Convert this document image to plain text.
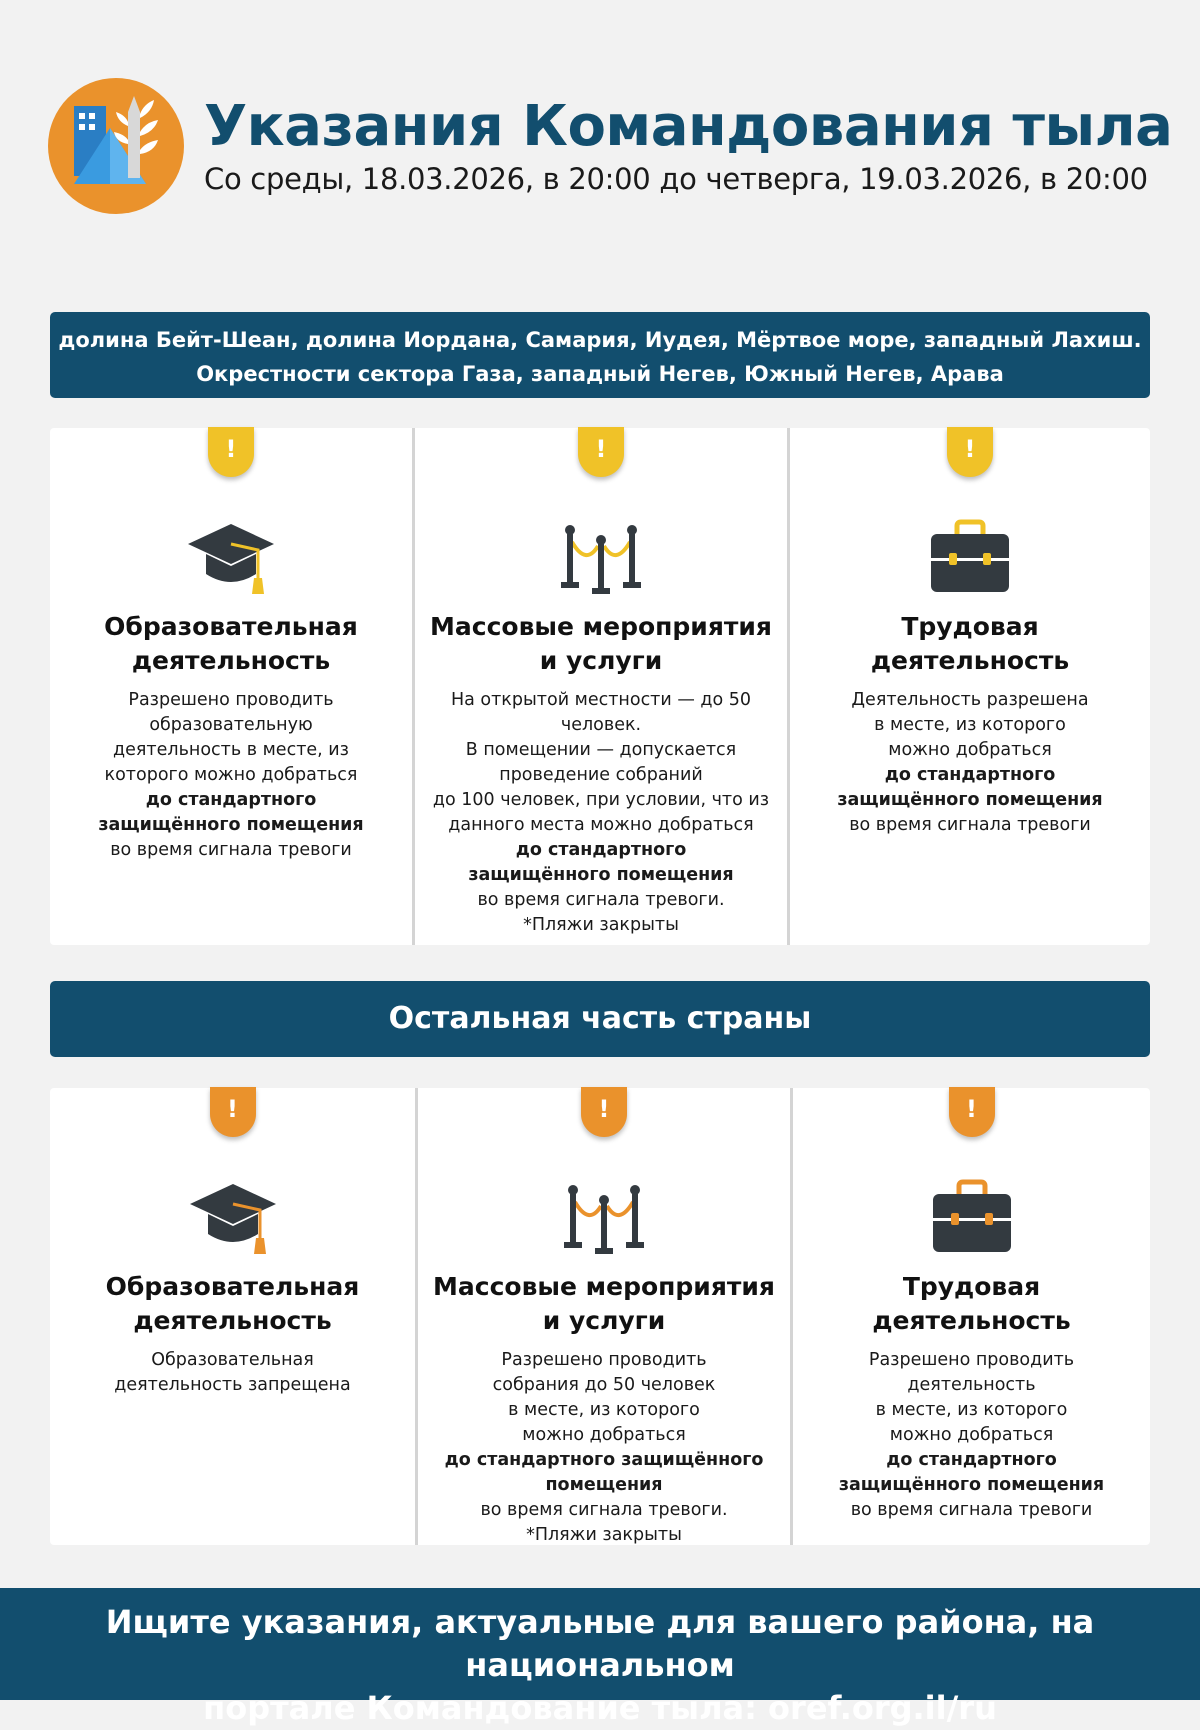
Указания Командования тыла
Со среды, 18.03.2026, в 20:00 до четверга, 19.03.2026, в 20:00
долина Бейт-Шеан, долина Иордана, Самария, Иудея, Мёртвое море, западный Лахиш.
Окрестности сектора Газа, западный Негев, Южный Негев, Арава
!
Образовательная
деятельность
Разрешено проводить
образовательную
деятельность в месте, из
которого можно добраться
до стандартного
защищённого помещения
во время сигнала тревоги
!
Массовые мероприятия
и услуги
На открытой местности — до 50
человек.
В помещении — допускается
проведение собраний
до 100 человек, при условии, что из
данного места можно добраться
до стандартного
защищённого помещения
во время сигнала тревоги.
*Пляжи закрыты
!
Трудовая
деятельность
Деятельность разрешена
в месте, из которого
можно добраться
до стандартного
защищённого помещения
во время сигнала тревоги
Остальная часть страны
!
Образовательная
деятельность
Образовательная
деятельность запрещена
!
Массовые мероприятия
и услуги
Разрешено проводить
собрания до 50 человек
в месте, из которого
можно добраться
до стандартного защищённого
помещения
во время сигнала тревоги.
*Пляжи закрыты
!
Трудовая
деятельность
Разрешено проводить
деятельность
в месте, из которого
можно добраться
до стандартного
защищённого помещения
во время сигнала тревоги
Ищите указания, актуальные для вашего района, на национальном
портале Командование тыла: oref.org.il/ru
